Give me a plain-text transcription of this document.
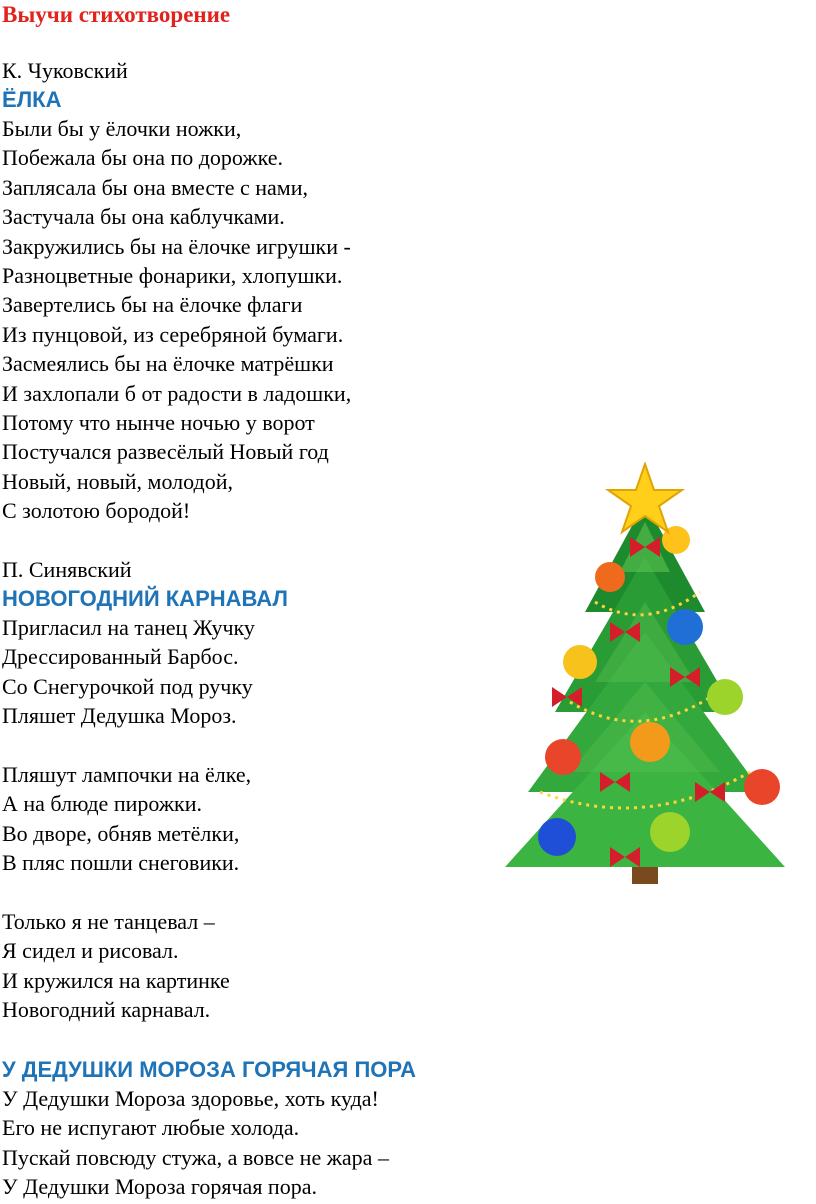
Выучи стихотворение

К. Чуковский

ЁЛКА
Были бы у ёлочки ножки,
Побежала бы она по дорожке.
Заплясала бы она вместе с нами,
Застучала бы она каблучками.
Закружились бы на ёлочке игрушки -
Разноцветные фонарики, хлопушки.
Завертелись бы на ёлочке флаги
Из пунцовой, из серебряной бумаги.
Засмеялись бы на ёлочке матрёшки
И захлопали б от радости в ладошки,
Потому что нынче ночью у ворот
Постучался развесёлый Новый год
Новый, новый, молодой,
С золотою бородой!

П. Синявский

НОВОГОДНИЙ КАРНАВАЛ
Пригласил на танец Жучку
Дрессированный Барбос.
Со Снегурочкой под ручку
Пляшет Дедушка Мороз.
Пляшут лампочки на ёлке,
А на блюде пирожки.
Во дворе, обняв метёлки,
В пляс пошли снеговики.
Только я не танцевал –
Я сидел и рисовал.
И кружился на картинке
Новогодний карнавал.
У ДЕДУШКИ МОРОЗА ГОРЯЧАЯ ПОРА
У Дедушки Мороза здоровье, хоть куда!
Его не испугают любые холода.
Пускай повсюду стужа, а вовсе не жара –
У Дедушки Мороза горячая пора.
